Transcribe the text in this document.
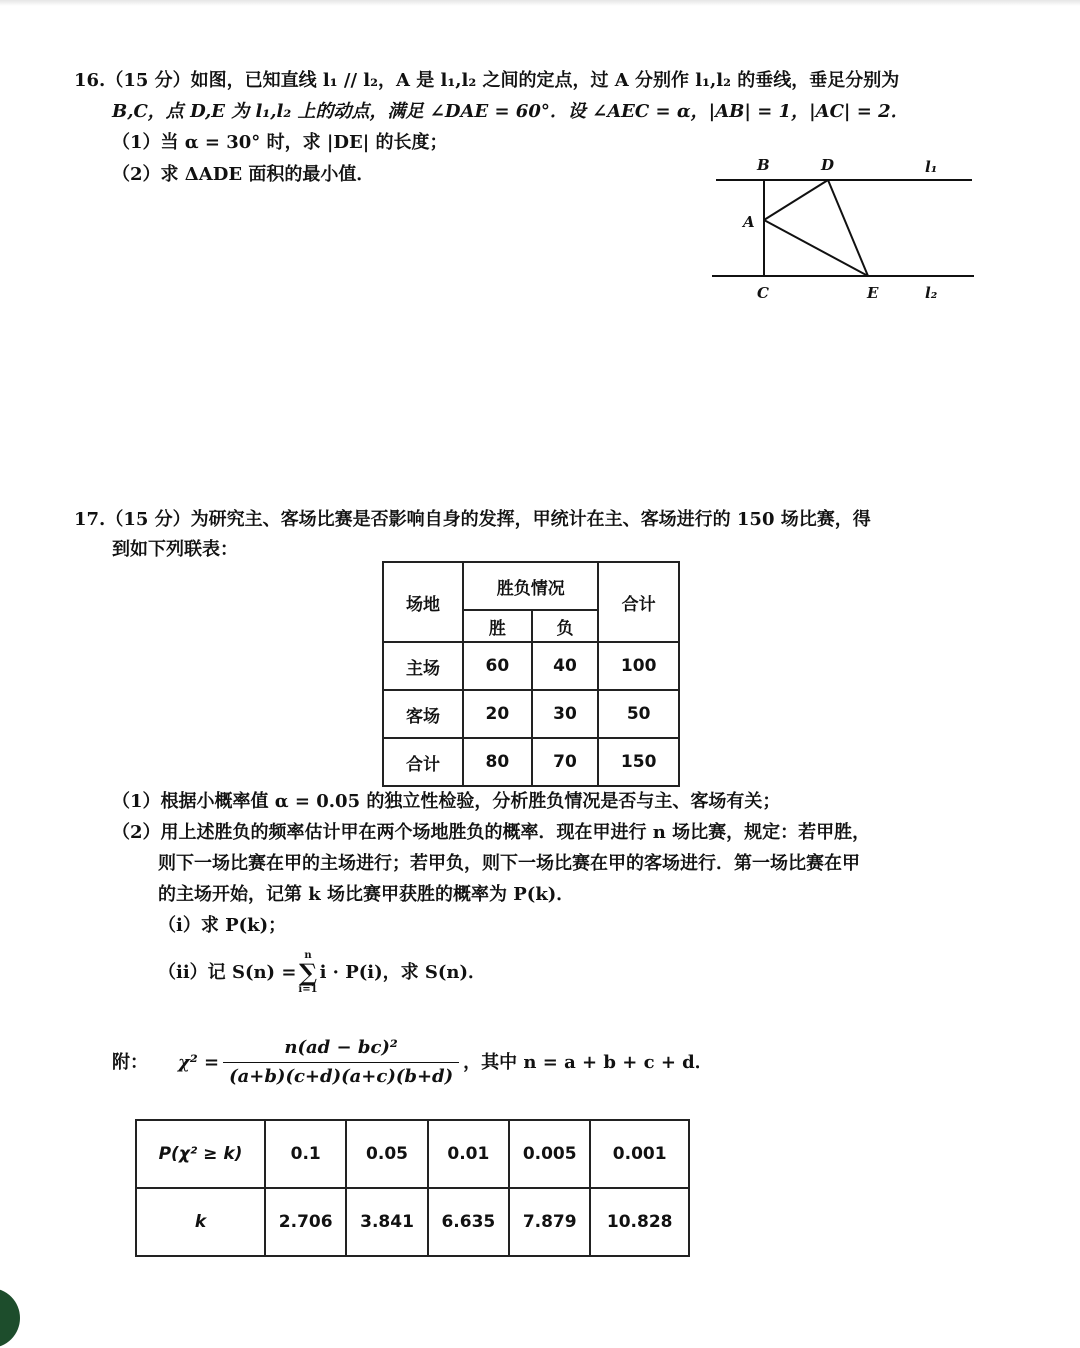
16.（15 分）如图，已知直线 l₁ // l₂，A 是 l₁,l₂ 之间的定点，过 A 分别作 l₁,l₂ 的垂线，垂足分别为
B,C，点 D,E 为 l₁,l₂ 上的动点，满足 ∠DAE = 60°．设 ∠AEC = α，|AB| = 1，|AC| = 2．
（1）当 α = 30° 时，求 |DE| 的长度；
（2）求 ΔADE 面积的最小值．	B	D	l₁
A
C	E	l₂
17.（15 分）为研究主、客场比赛是否影响自身的发挥，甲统计在主、客场进行的 150 场比赛，得
到如下列联表：
场地	胜负情况		合计
	胜	负	
主场	60	40	100
客场	20	30	50
合计	80	70	150
（1）根据小概率值 α = 0.05 的独立性检验，分析胜负情况是否与主、客场有关；
（2）用上述胜负的频率估计甲在两个场地胜负的概率．现在甲进行 n 场比赛，规定：若甲胜，
则下一场比赛在甲的主场进行；若甲负，则下一场比赛在甲的客场进行．第一场比赛在甲
的主场开始，记第 k 场比赛甲获胜的概率为 P(k)．
（i）求 P(k)；
（ii）记 S(n) =
n
∑
i=1
i · P(i)，求 S(n)．
附： $\chi^2 = \frac{\text{n(ad − bc)²}}{(a+b)(c+d)(a+c)(b+d)}$ ，其中 n = a + b + c + d．
P(χ² ≥ k)	0.1	0.05	0.01	0.005	0.001
k	2.706	3.841	6.635	7.879	10.828
